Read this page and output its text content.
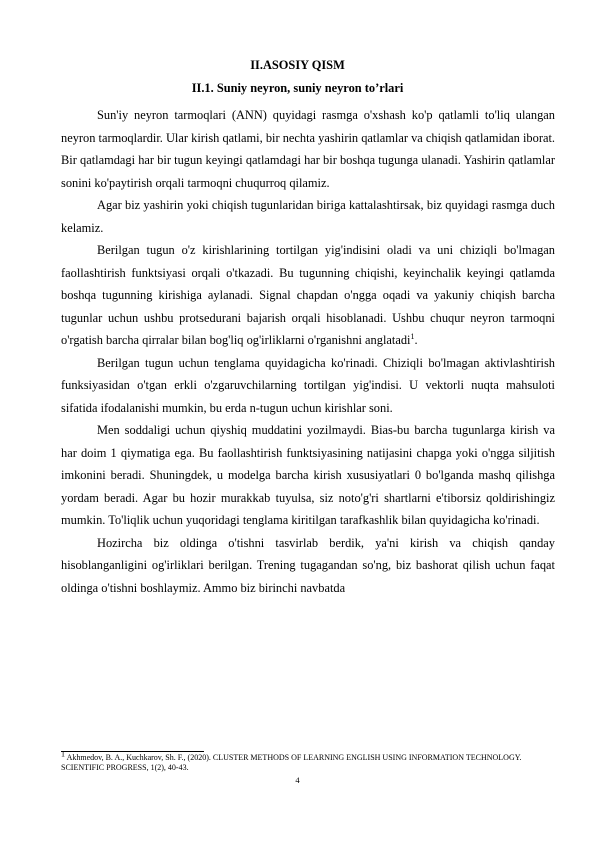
II.ASOSIY QISM
II.1. Suniy neyron, suniy neyron to’rlari

Sun'iy neyron tarmoqlari (ANN) quyidagi rasmga o'xshash ko'p qatlamli to'liq ulangan neyron tarmoqlardir. Ular kirish qatlami, bir nechta yashirin qatlamlar va chiqish qatlamidan iborat. Bir qatlamdagi har bir tugun keyingi qatlamdagi har bir boshqa tugunga ulanadi. Yashirin qatlamlar sonini ko'paytirish orqali tarmoqni chuqurroq qilamiz.

Agar biz yashirin yoki chiqish tugunlaridan biriga kattalashtirsak, biz quyidagi rasmga duch kelamiz.

Berilgan tugun o'z kirishlarining tortilgan yig'indisini oladi va uni chiziqli bo'lmagan faollashtirish funktsiyasi orqali o'tkazadi. Bu tugunning chiqishi, keyinchalik keyingi qatlamda boshqa tugunning kirishiga aylanadi. Signal chapdan o'ngga oqadi va yakuniy chiqish barcha tugunlar uchun ushbu protsedurani bajarish orqali hisoblanadi. Ushbu chuqur neyron tarmoqni o'rgatish barcha qirralar bilan bog'liq og'irliklarni o'rganishni anglatadi$^1$.

Berilgan tugun uchun tenglama quyidagicha ko'rinadi. Chiziqli bo'lmagan aktivlashtirish funksiyasidan o'tgan erkli o'zgaruvchilarning tortilgan yig'indisi. U vektorli nuqta mahsuloti sifatida ifodalanishi mumkin, bu erda n-tugun uchun kirishlar soni.

Men soddaligi uchun qiyshiq muddatini yozilmaydi. Bias-bu barcha tugunlarga kirish va har doim 1 qiymatiga ega. Bu faollashtirish funktsiyasining natijasini chapga yoki o'ngga siljitish imkonini beradi. Shuningdek, u modelga barcha kirish xususiyatlari 0 bo'lganda mashq qilishga yordam beradi. Agar bu hozir murakkab tuyulsa, siz noto'g'ri shartlarni e'tiborsiz qoldirishingiz mumkin. To'liqlik uchun yuqoridagi tenglama kiritilgan tarafkashlik bilan quyidagicha ko'rinadi.

Hozircha biz oldinga o'tishni tasvirlab berdik, ya'ni kirish va chiqish qanday hisoblanganligini og'irliklari berilgan. Trening tugagandan so'ng, biz bashorat qilish uchun faqat oldinga o'tishni boshlaymiz. Ammo biz birinchi navbatda

$^1$ Akhmedov, B. A., Kuchkarov, Sh. F., (2020). CLUSTER METHODS OF LEARNING ENGLISH USING INFORMATION TECHNOLOGY. SCIENTIFIC PROGRESS, 1(2), 40-43.
4
